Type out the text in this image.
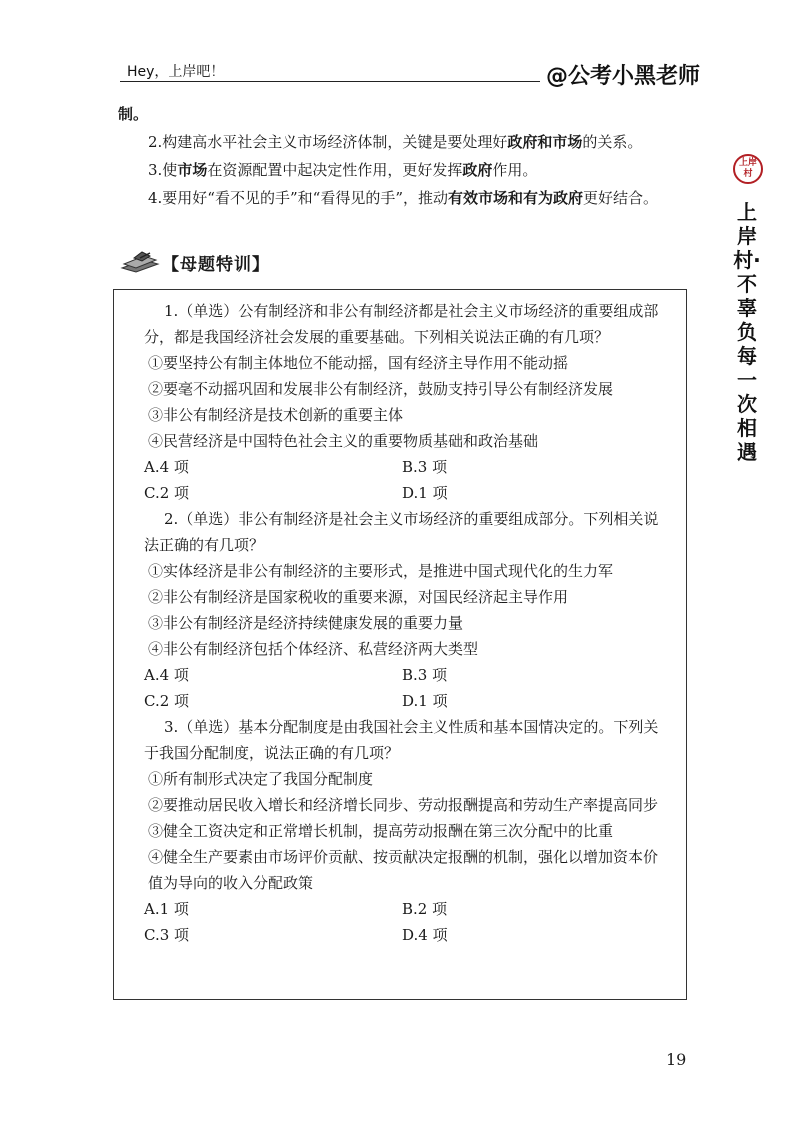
Hey，上岸吧！	@公考小黑老师
上岸村
上岸村·不辜负每一次相遇

制。

2.构建高水平社会主义市场经济体制，关键是要处理好政府和市场的关系。

3.使市场在资源配置中起决定性作用，更好发挥政府作用。

4.要用好“看不见的手”和“看得见的手”，推动有效市场和有为政府更好结合。

【母题特训】

1.（单选）公有制经济和非公有制经济都是社会主义市场经济的重要组成部分，都是我国经济社会发展的重要基础。下列相关说法正确的有几项？

①要坚持公有制主体地位不能动摇，国有经济主导作用不能动摇

②要毫不动摇巩固和发展非公有制经济，鼓励支持引导公有制经济发展

③非公有制经济是技术创新的重要主体

④民营经济是中国特色社会主义的重要物质基础和政治基础

A.4 项	B.3 项
C.2 项	D.1 项

2.（单选）非公有制经济是社会主义市场经济的重要组成部分。下列相关说法正确的有几项？

①实体经济是非公有制经济的主要形式，是推进中国式现代化的生力军

②非公有制经济是国家税收的重要来源，对国民经济起主导作用

③非公有制经济是经济持续健康发展的重要力量

④非公有制经济包括个体经济、私营经济两大类型

A.4 项	B.3 项
C.2 项	D.1 项

3.（单选）基本分配制度是由我国社会主义性质和基本国情决定的。下列关于我国分配制度，说法正确的有几项？

①所有制形式决定了我国分配制度

②要推动居民收入增长和经济增长同步、劳动报酬提高和劳动生产率提高同步

③健全工资决定和正常增长机制，提高劳动报酬在第三次分配中的比重

④健全生产要素由市场评价贡献、按贡献决定报酬的机制，强化以增加资本价值为导向的收入分配政策

A.1 项	B.2 项
C.3 项	D.4 项
19
